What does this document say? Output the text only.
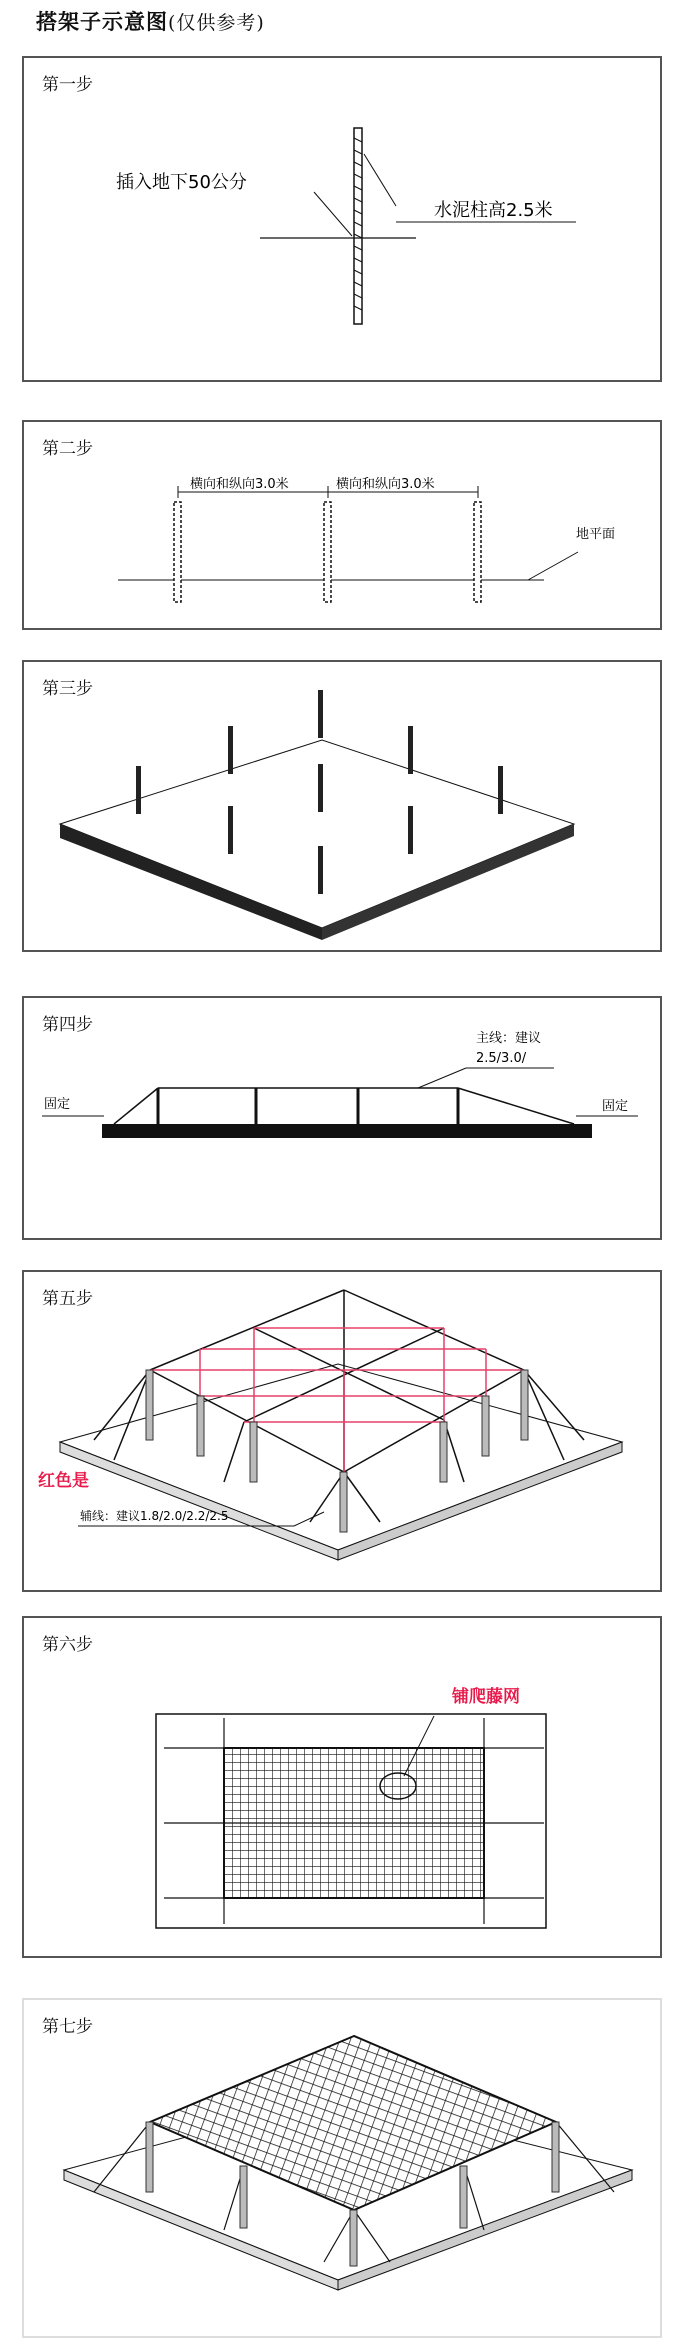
搭架子示意图(仅供参考)
第一步
插入地下50公分
水泥柱高2.5米
第二步
横向和纵向3.0米	横向和纵向3.0米
地平面
第三步
第四步
主线：建议
2.5/3.0/
固定	固定
第五步
红色是
辅线：建议1.8/2.0/2.2/2.5
第六步
铺爬藤网
第七步
